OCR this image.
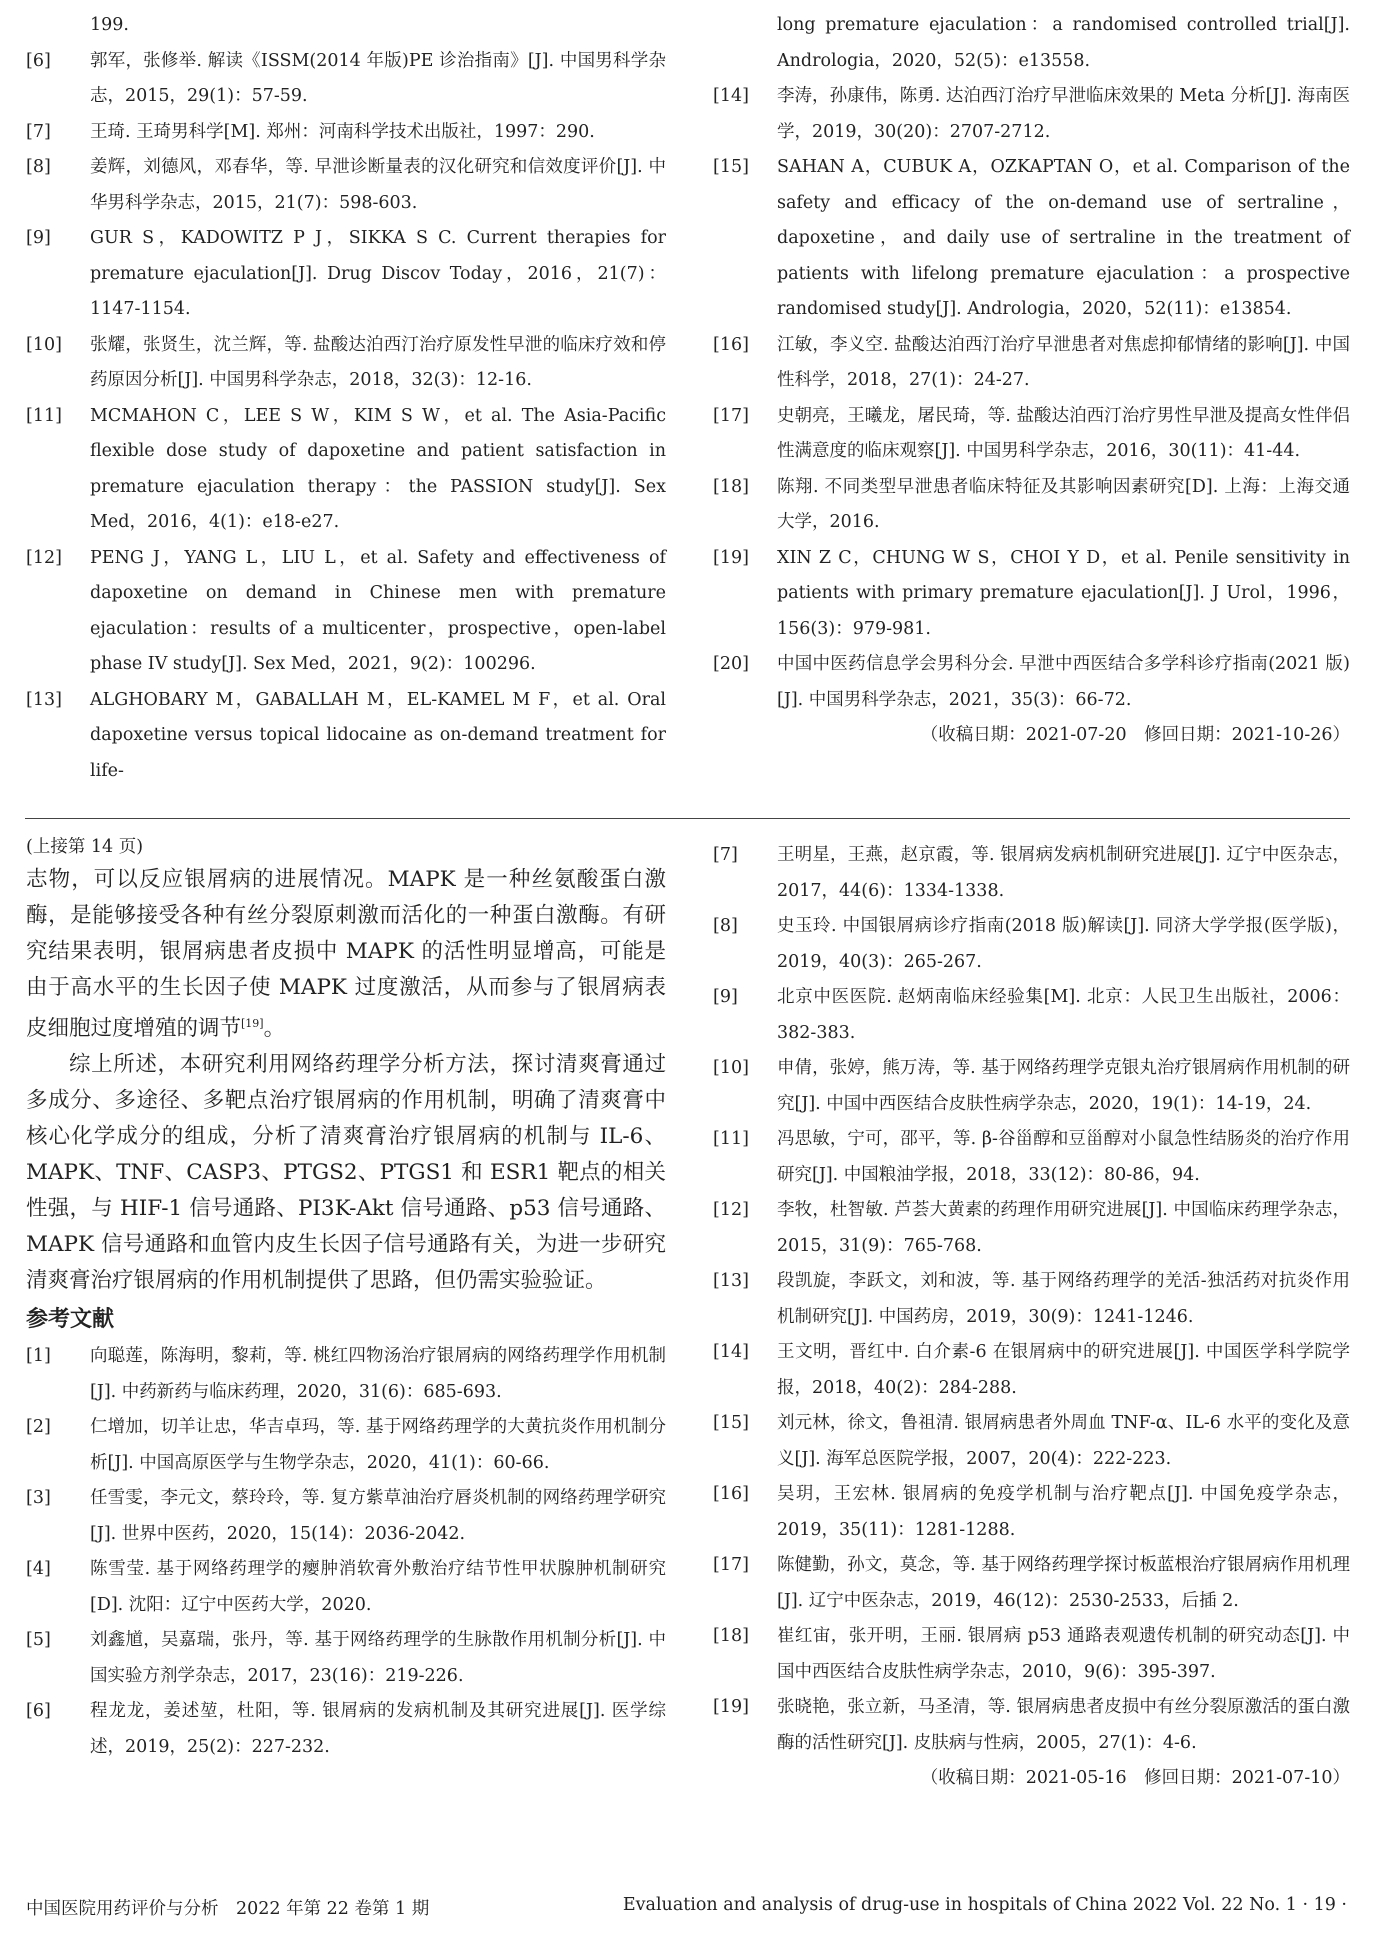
199.
[6]	郭军，张修举. 解读《ISSM(2014 年版)PE 诊治指南》[J]. 中国男科学杂志，2015，29(1)：57-59.
[7]	王琦. 王琦男科学[M]. 郑州：河南科学技术出版社，1997：290.
[8]	姜辉，刘德风，邓春华，等. 早泄诊断量表的汉化研究和信效度评价[J]. 中华男科学杂志，2015，21(7)：598-603.
[9]	GUR S，KADOWITZ P J，SIKKA S C. Current therapies for premature ejaculation[J]. Drug Discov Today，2016，21(7)：1147-1154.
[10]	张耀，张贤生，沈兰辉，等. 盐酸达泊西汀治疗原发性早泄的临床疗效和停药原因分析[J]. 中国男科学杂志，2018，32(3)：12-16.
[11]	MCMAHON C，LEE S W，KIM S W，et al. The Asia-Pacific flexible dose study of dapoxetine and patient satisfaction in premature ejaculation therapy：the PASSION study[J]. Sex Med，2016，4(1)：e18-e27.
[12]	PENG J，YANG L，LIU L，et al. Safety and effectiveness of dapoxetine on demand in Chinese men with premature ejaculation：results of a multicenter，prospective，open-label phase IV study[J]. Sex Med，2021，9(2)：100296.
[13]	ALGHOBARY M，GABALLAH M，EL-KAMEL M F，et al. Oral dapoxetine versus topical lidocaine as on-demand treatment for life-
long premature ejaculation：a randomised controlled trial[J]. Andrologia，2020，52(5)：e13558.
[14]	李涛，孙康伟，陈勇. 达泊西汀治疗早泄临床效果的 Meta 分析[J]. 海南医学，2019，30(20)：2707-2712.
[15]	SAHAN A，CUBUK A，OZKAPTAN O，et al. Comparison of the safety and efficacy of the on-demand use of sertraline，dapoxetine，and daily use of sertraline in the treatment of patients with lifelong premature ejaculation：a prospective randomised study[J]. Andrologia，2020，52(11)：e13854.
[16]	江敏，李义空. 盐酸达泊西汀治疗早泄患者对焦虑抑郁情绪的影响[J]. 中国性科学，2018，27(1)：24-27.
[17]	史朝亮，王曦龙，屠民琦，等. 盐酸达泊西汀治疗男性早泄及提高女性伴侣性满意度的临床观察[J]. 中国男科学杂志，2016，30(11)：41-44.
[18]	陈翔. 不同类型早泄患者临床特征及其影响因素研究[D]. 上海：上海交通大学，2016.
[19]	XIN Z C，CHUNG W S，CHOI Y D，et al. Penile sensitivity in patients with primary premature ejaculation[J]. J Urol，1996，156(3)：979-981.
[20]	中国中医药信息学会男科分会. 早泄中西医结合多学科诊疗指南(2021 版)[J]. 中国男科学杂志，2021，35(3)：66-72.
（收稿日期：2021-07-20　修回日期：2021-10-26）
(上接第 14 页)

志物，可以反应银屑病的进展情况。MAPK 是一种丝氨酸蛋白激酶，是能够接受各种有丝分裂原刺激而活化的一种蛋白激酶。有研究结果表明，银屑病患者皮损中 MAPK 的活性明显增高，可能是由于高水平的生长因子使 MAPK 过度激活，从而参与了银屑病表皮细胞过度增殖的调节[19]。

综上所述，本研究利用网络药理学分析方法，探讨清爽膏通过多成分、多途径、多靶点治疗银屑病的作用机制，明确了清爽膏中核心化学成分的组成，分析了清爽膏治疗银屑病的机制与 IL-6、MAPK、TNF、CASP3、PTGS2、PTGS1 和 ESR1 靶点的相关性强，与 HIF-1 信号通路、PI3K-Akt 信号通路、p53 信号通路、MAPK 信号通路和血管内皮生长因子信号通路有关，为进一步研究清爽膏治疗银屑病的作用机制提供了思路，但仍需实验验证。

参考文献
[1]	向聪莲，陈海明，黎莉，等. 桃红四物汤治疗银屑病的网络药理学作用机制[J]. 中药新药与临床药理，2020，31(6)：685-693.
[2]	仁增加，切羊让忠，华吉卓玛，等. 基于网络药理学的大黄抗炎作用机制分析[J]. 中国高原医学与生物学杂志，2020，41(1)：60-66.
[3]	任雪雯，李元文，蔡玲玲，等. 复方紫草油治疗唇炎机制的网络药理学研究[J]. 世界中医药，2020，15(14)：2036-2042.
[4]	陈雪莹. 基于网络药理学的瘿肿消软膏外敷治疗结节性甲状腺肿机制研究[D]. 沈阳：辽宁中医药大学，2020.
[5]	刘鑫馗，吴嘉瑞，张丹，等. 基于网络药理学的生脉散作用机制分析[J]. 中国实验方剂学杂志，2017，23(16)：219-226.
[6]	程龙龙，姜述堃，杜阳，等. 银屑病的发病机制及其研究进展[J]. 医学综述，2019，25(2)：227-232.
[7]	王明星，王燕，赵京霞，等. 银屑病发病机制研究进展[J]. 辽宁中医杂志，2017，44(6)：1334-1338.
[8]	史玉玲. 中国银屑病诊疗指南(2018 版)解读[J]. 同济大学学报(医学版)，2019，40(3)：265-267.
[9]	北京中医医院. 赵炳南临床经验集[M]. 北京：人民卫生出版社，2006：382-383.
[10]	申倩，张婷，熊万涛，等. 基于网络药理学克银丸治疗银屑病作用机制的研究[J]. 中国中西医结合皮肤性病学杂志，2020，19(1)：14-19，24.
[11]	冯思敏，宁可，邵平，等. β-谷甾醇和豆甾醇对小鼠急性结肠炎的治疗作用研究[J]. 中国粮油学报，2018，33(12)：80-86，94.
[12]	李牧，杜智敏. 芦荟大黄素的药理作用研究进展[J]. 中国临床药理学杂志，2015，31(9)：765-768.
[13]	段凯旋，李跃文，刘和波，等. 基于网络药理学的羌活-独活药对抗炎作用机制研究[J]. 中国药房，2019，30(9)：1241-1246.
[14]	王文明，晋红中. 白介素-6 在银屑病中的研究进展[J]. 中国医学科学院学报，2018，40(2)：284-288.
[15]	刘元林，徐文，鲁祖清. 银屑病患者外周血 TNF-α、IL-6 水平的变化及意义[J]. 海军总医院学报，2007，20(4)：222-223.
[16]	吴玥，王宏林. 银屑病的免疫学机制与治疗靶点[J]. 中国免疫学杂志，2019，35(11)：1281-1288.
[17]	陈健勤，孙文，莫念，等. 基于网络药理学探讨板蓝根治疗银屑病作用机理[J]. 辽宁中医杂志，2019，46(12)：2530-2533，后插 2.
[18]	崔红宙，张开明，王丽. 银屑病 p53 通路表观遗传机制的研究动态[J]. 中国中西医结合皮肤性病学杂志，2010，9(6)：395-397.
[19]	张晓艳，张立新，马圣清，等. 银屑病患者皮损中有丝分裂原激活的蛋白激酶的活性研究[J]. 皮肤病与性病，2005，27(1)：4-6.
（收稿日期：2021-05-16　修回日期：2021-07-10）
中国医院用药评价与分析　2022 年第 22 卷第 1 期	Evaluation and analysis of drug-use in hospitals of China 2022 Vol. 22 No. 1 · 19 ·
